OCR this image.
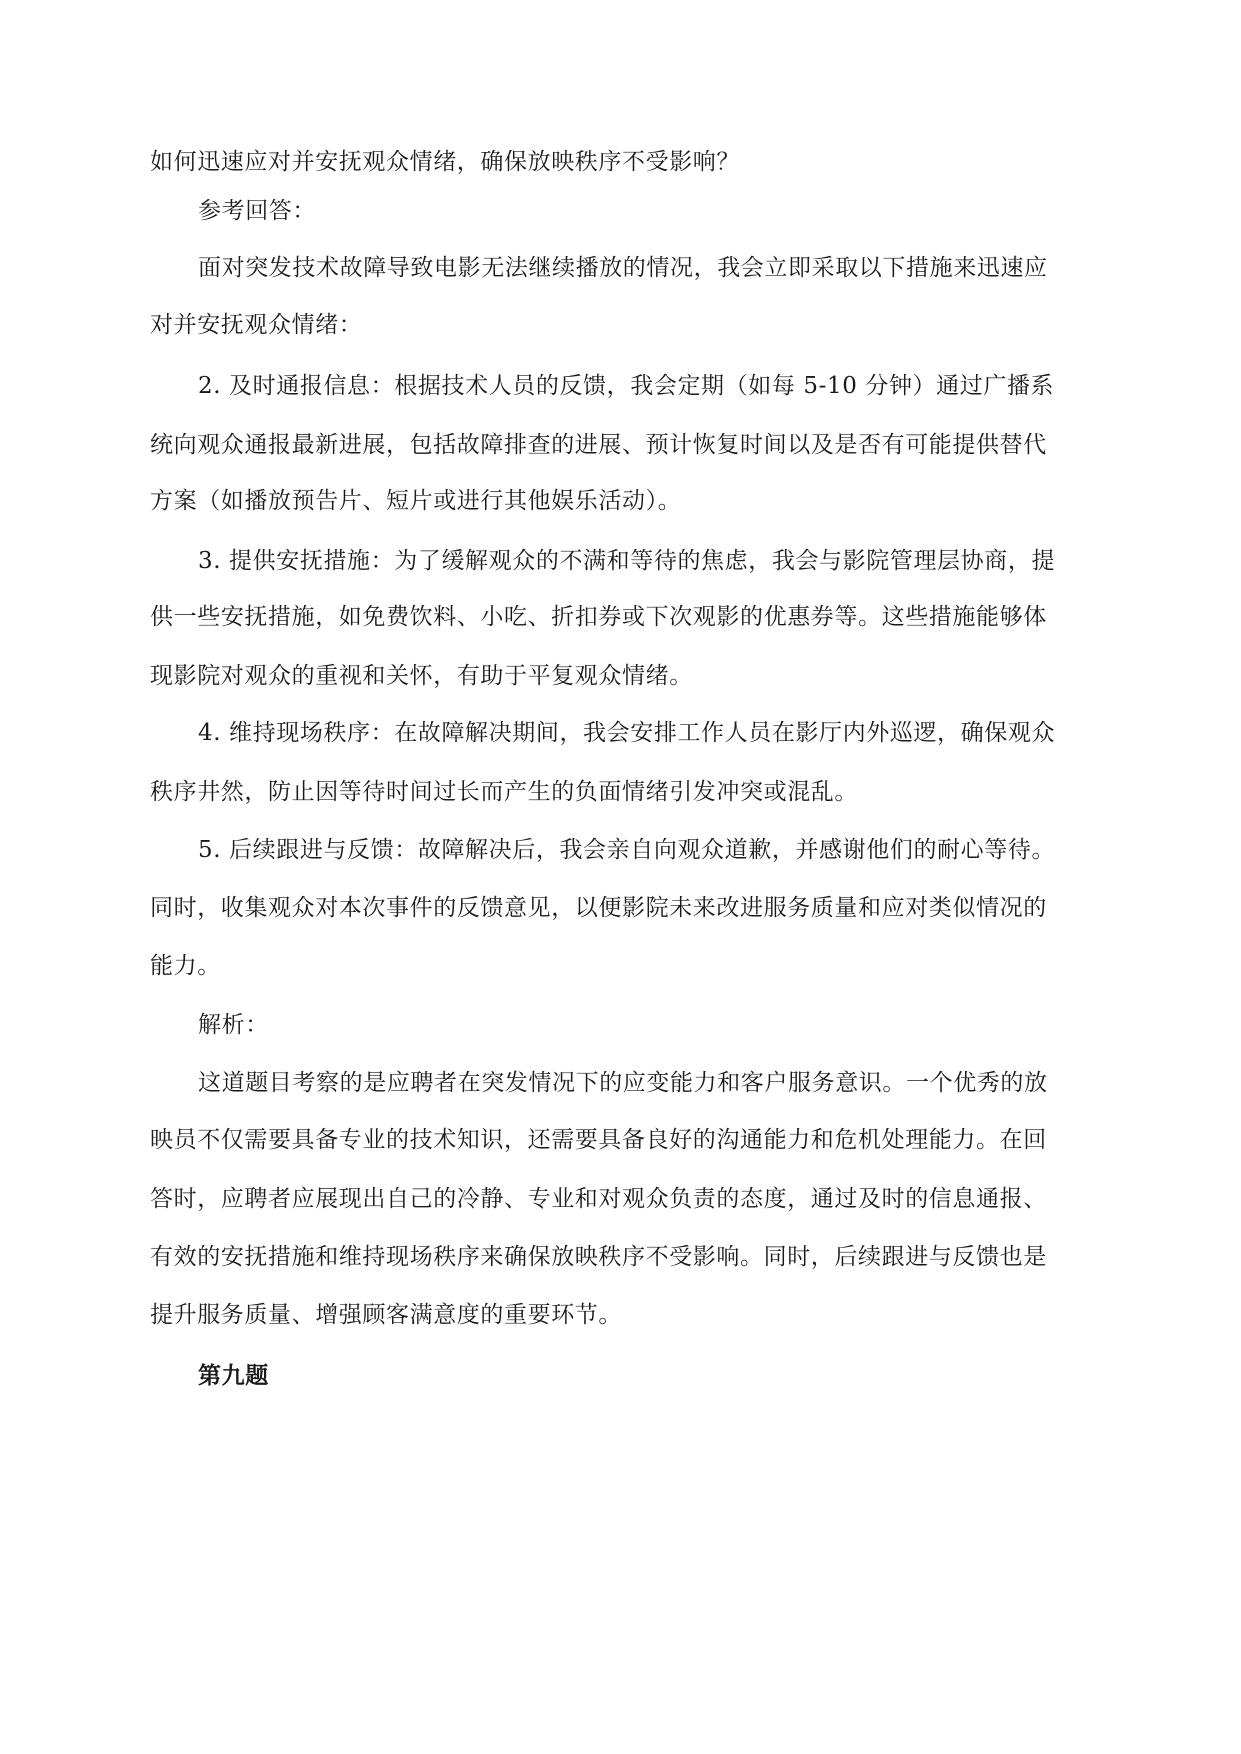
如何迅速应对并安抚观众情绪，确保放映秩序不受影响？
参考回答：
面对突发技术故障导致电影无法继续播放的情况，我会立即采取以下措施来迅速应
对并安抚观众情绪：
2. 及时通报信息：根据技术人员的反馈，我会定期（如每 5-10 分钟）通过广播系
统向观众通报最新进展，包括故障排查的进展、预计恢复时间以及是否有可能提供替代
方案（如播放预告片、短片或进行其他娱乐活动）。
3. 提供安抚措施：为了缓解观众的不满和等待的焦虑，我会与影院管理层协商，提
供一些安抚措施，如免费饮料、小吃、折扣券或下次观影的优惠券等。这些措施能够体
现影院对观众的重视和关怀，有助于平复观众情绪。
4. 维持现场秩序：在故障解决期间，我会安排工作人员在影厅内外巡逻，确保观众
秩序井然，防止因等待时间过长而产生的负面情绪引发冲突或混乱。
5. 后续跟进与反馈：故障解决后，我会亲自向观众道歉，并感谢他们的耐心等待。
同时，收集观众对本次事件的反馈意见，以便影院未来改进服务质量和应对类似情况的
能力。
解析：
这道题目考察的是应聘者在突发情况下的应变能力和客户服务意识。一个优秀的放
映员不仅需要具备专业的技术知识，还需要具备良好的沟通能力和危机处理能力。在回
答时，应聘者应展现出自己的冷静、专业和对观众负责的态度，通过及时的信息通报、
有效的安抚措施和维持现场秩序来确保放映秩序不受影响。同时，后续跟进与反馈也是
提升服务质量、增强顾客满意度的重要环节。
第九题
